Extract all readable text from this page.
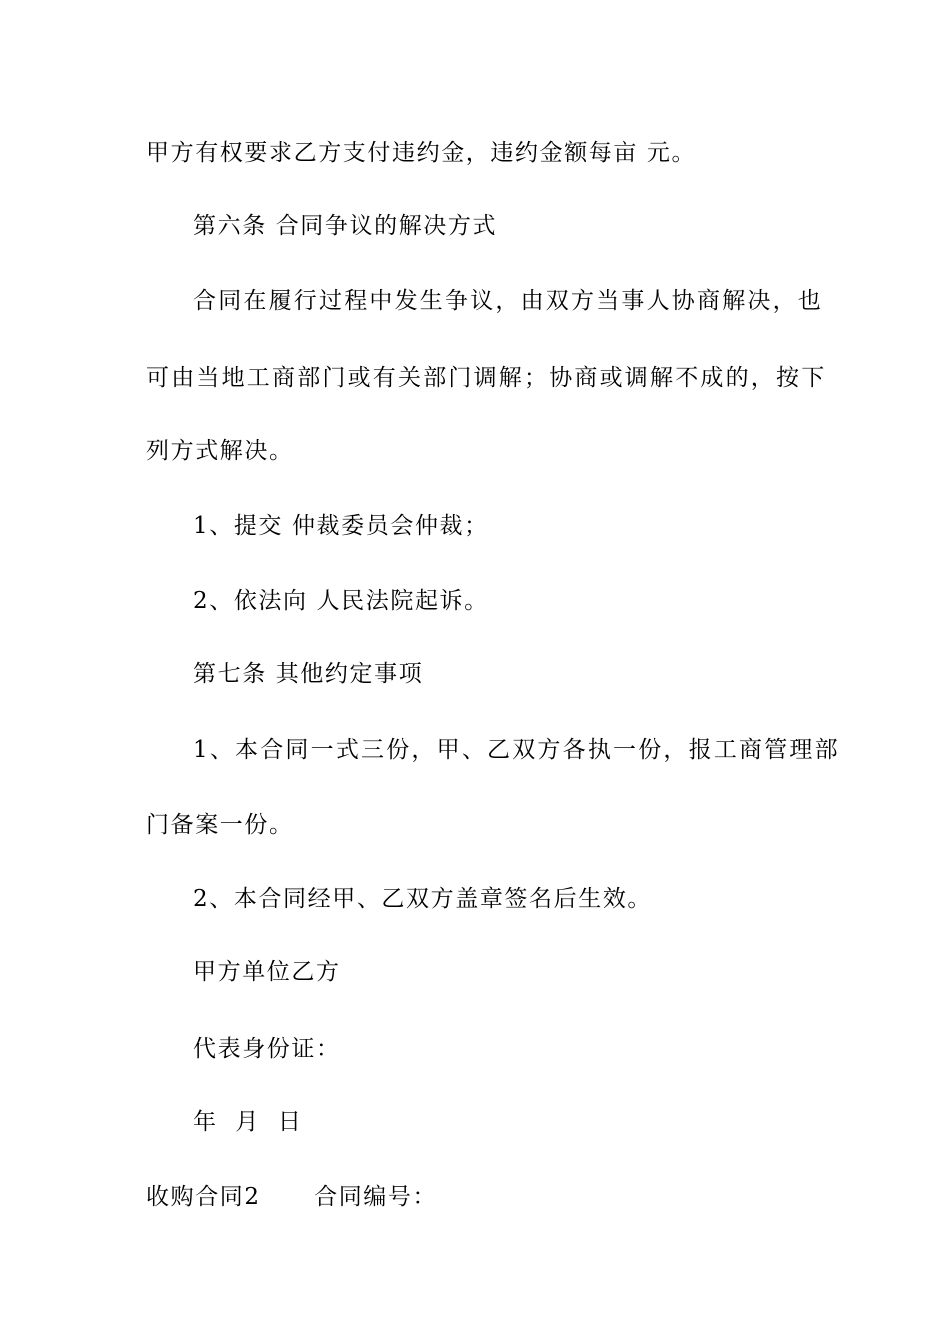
甲方有权要求乙方支付违约金，违约金额每亩 元。
第六条 合同争议的解决方式
合同在履行过程中发生争议，由双方当事人协商解决，也
可由当地工商部门或有关部门调解；协商或调解不成的，按下
列方式解决。
1、提交 仲裁委员会仲裁；
2、依法向 人民法院起诉。
第七条 其他约定事项
1、本合同一式三份，甲、乙双方各执一份，报工商管理部
门备案一份。
2、本合同经甲、乙双方盖章签名后生效。
甲方单位乙方
代表身份证：
年  月  日
收购合同2      合同编号：
